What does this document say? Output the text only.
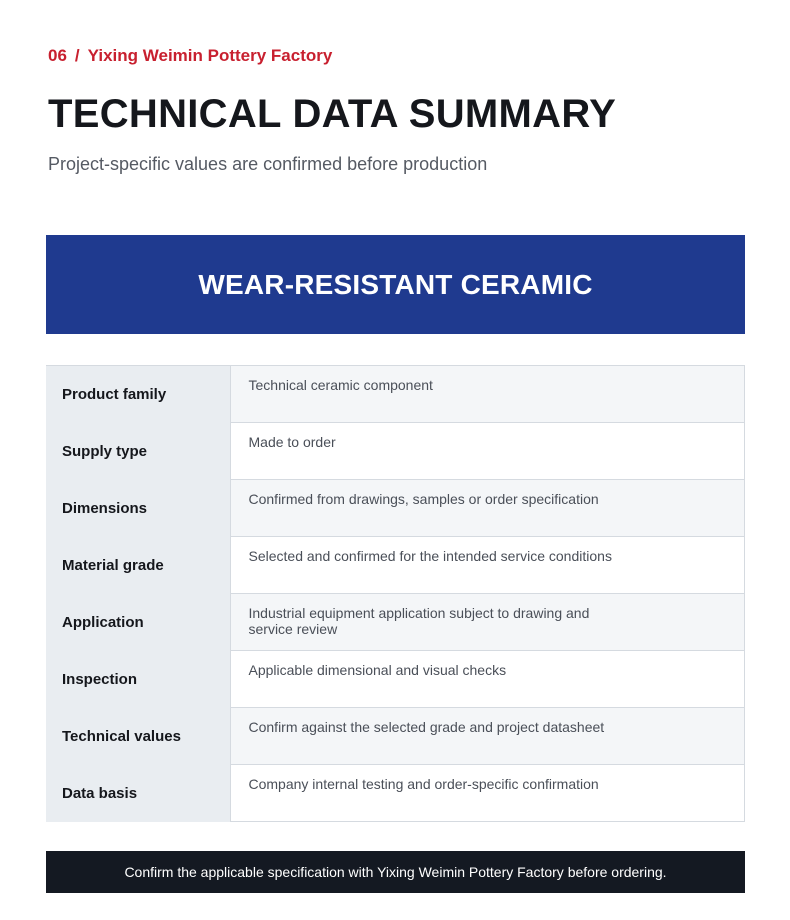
06 / Yixing Weimin Pottery Factory
TECHNICAL DATA SUMMARY
Project-specific values are confirmed before production
WEAR-RESISTANT CERAMIC
Product family	Technical ceramic component
Supply type	Made to order
Dimensions	Confirmed from drawings, samples or order specification
Material grade	Selected and confirmed for the intended service conditions
Application	Industrial equipment application subject to drawing and service review
Inspection	Applicable dimensional and visual checks
Technical values	Confirm against the selected grade and project datasheet
Data basis	Company internal testing and order-specific confirmation
Confirm the applicable specification with Yixing Weimin Pottery Factory before ordering.
